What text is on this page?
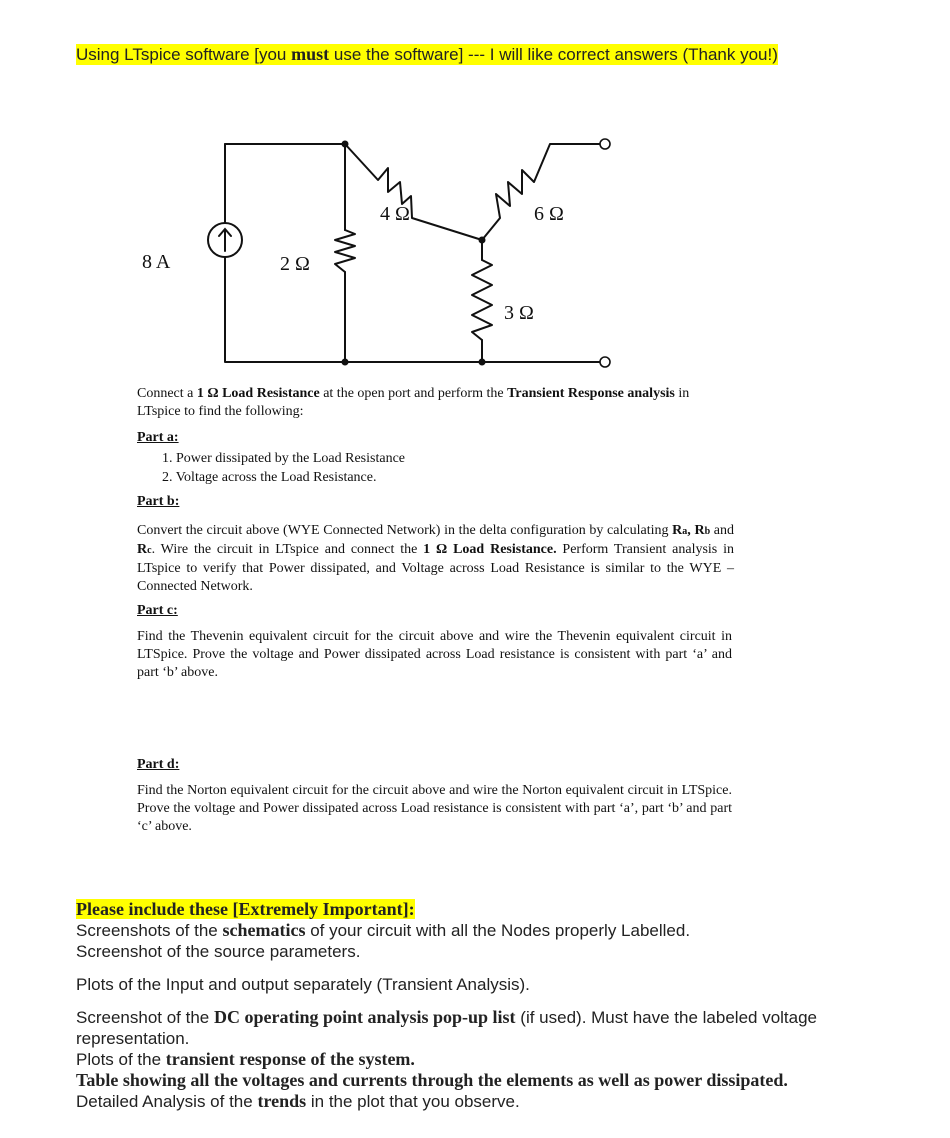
Using LTspice software [you must use the software] --- I will like correct answers (Thank you!)
8 A	2 Ω
4 Ω	6 Ω
3 Ω
Connect a 1 Ω Load Resistance at the open port and perform the Transient Response analysis in LTspice to find the following:
Part a:
1. Power dissipated by the Load Resistance
2. Voltage across the Load Resistance.
Part b:
Convert the circuit above (WYE Connected Network) in the delta configuration by calculating Ra, Rb and Rc. Wire the circuit in LTspice and connect the 1 Ω Load Resistance. Perform Transient analysis in LTspice to verify that Power dissipated, and Voltage across Load Resistance is similar to the WYE – Connected Network.
Part c:
Find the Thevenin equivalent circuit for the circuit above and wire the Thevenin equivalent circuit in LTSpice. Prove the voltage and Power dissipated across Load resistance is consistent with part ‘a’ and part ‘b’ above.
Part d:
Find the Norton equivalent circuit for the circuit above and wire the Norton equivalent circuit in LTSpice. Prove the voltage and Power dissipated across Load resistance is consistent with part ‘a’, part ‘b’ and part ‘c’ above.
Please include these [Extremely Important]:
Screenshots of the schematics of your circuit with all the Nodes properly Labelled.
Screenshot of the source parameters.
Plots of the Input and output separately (Transient Analysis).
Screenshot of the DC operating point analysis pop-up list (if used). Must have the labeled voltage representation.
Plots of the transient response of the system.
Table showing all the voltages and currents through the elements as well as power dissipated.
Detailed Analysis of the trends in the plot that you observe.
